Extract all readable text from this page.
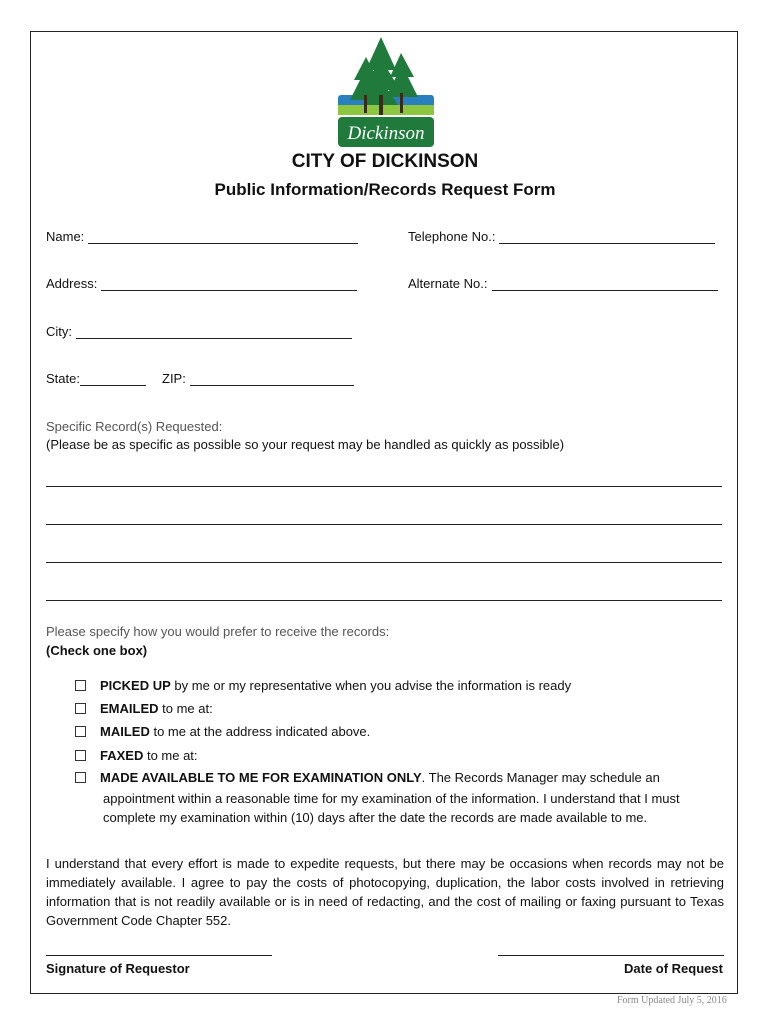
Dickinson
CITY OF DICKINSON
Public Information/Records Request Form
Name:	Telephone No.:
Address:	Alternate No.:
City:
State:	ZIP:
Specific Record(s) Requested:
(Please be as specific as possible so your request may be handled as quickly as possible)
Please specify how you would prefer to receive the records:
(Check one box)
PICKED UP by me or my representative when you advise the information is ready
EMAILED to me at:
MAILED to me at the address indicated above.
FAXED to me at:
MADE AVAILABLE TO ME FOR EXAMINATION ONLY. The Records Manager may schedule an
appointment within a reasonable time for my examination of the information. I understand that I must complete my examination within (10) days after the date the records are made available to me.
I understand that every effort is made to expedite requests, but there may be occasions when records may not be immediately available. I agree to pay the costs of photocopying, duplication, the labor costs involved in retrieving information that is not readily available or is in need of redacting, and the cost of mailing or faxing pursuant to Texas Government Code Chapter 552.
Signature of Requestor	Date of Request
Form Updated July 5, 2016
